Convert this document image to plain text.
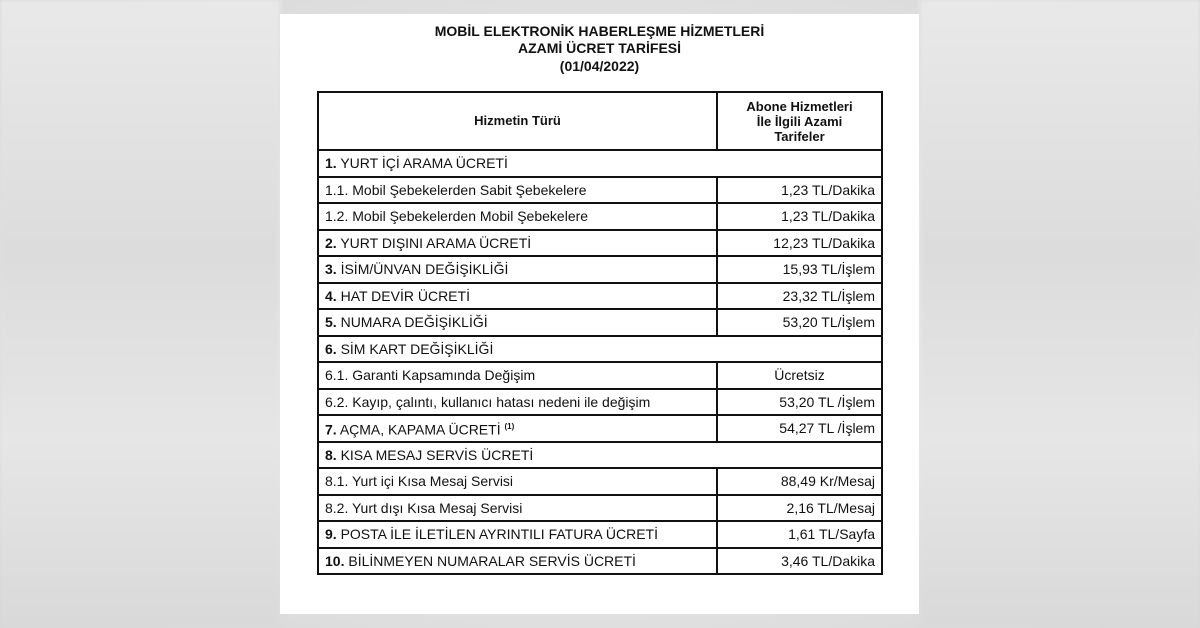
MOBİL ELEKTRONİK HABERLEŞME HİZMETLERİ
AZAMİ ÜCRET TARİFESİ
(01/04/2022)
Hizmetin Türü	Abone Hizmetleri
İle İlgili Azami
Tarifeler
1. YURT İÇİ ARAMA ÜCRETİ	
1.1. Mobil Şebekelerden Sabit Şebekelere	1,23 TL/Dakika
1.2. Mobil Şebekelerden Mobil Şebekelere	1,23 TL/Dakika
2. YURT DIŞINI ARAMA ÜCRETİ	12,23 TL/Dakika
3. İSİM/ÜNVAN DEĞİŞİKLİĞİ	15,93 TL/İşlem
4. HAT DEVİR ÜCRETİ	23,32 TL/İşlem
5. NUMARA DEĞİŞİKLİĞİ	53,20 TL/İşlem
6. SİM KART DEĞİŞİKLİĞİ	
6.1. Garanti Kapsamında Değişim	Ücretsiz
6.2. Kayıp, çalıntı, kullanıcı hatası nedeni ile değişim	53,20 TL /İşlem
7. AÇMA, KAPAMA ÜCRETİ $^{(1)}$	54,27 TL /İşlem
8. KISA MESAJ SERVİS ÜCRETİ	
8.1. Yurt içi Kısa Mesaj Servisi	88,49 Kr/Mesaj
8.2. Yurt dışı Kısa Mesaj Servisi	2,16 TL/Mesaj
9. POSTA İLE İLETİLEN AYRINTILI FATURA ÜCRETİ	1,61 TL/Sayfa
10. BİLİNMEYEN NUMARALAR SERVİS ÜCRETİ	3,46 TL/Dakika
